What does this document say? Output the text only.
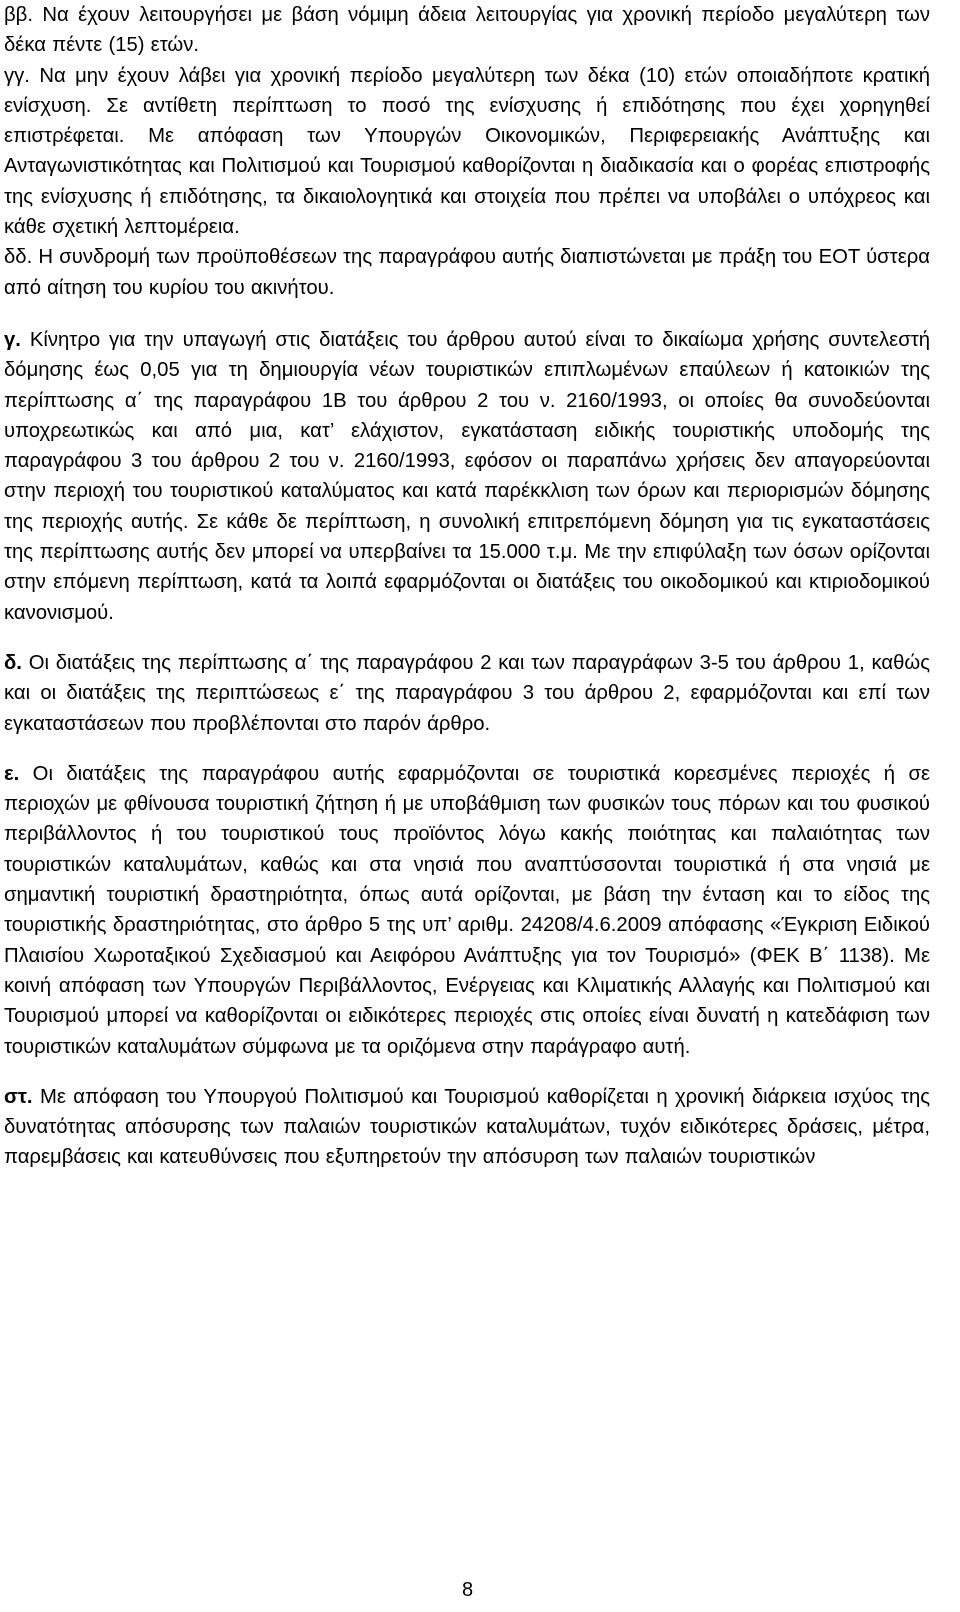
ββ. Να έχουν λειτουργήσει με βάση νόμιμη άδεια λειτουργίας για χρονική περίοδο μεγαλύτερη των δέκα πέντε (15) ετών.

γγ. Να μην έχουν λάβει για χρονική περίοδο μεγαλύτερη των δέκα (10) ετών οποιαδήποτε κρατική ενίσχυση. Σε αντίθετη περίπτωση το ποσό της ενίσχυσης ή επιδότησης που έχει χορηγηθεί επιστρέφεται. Με απόφαση των Υπουργών Οικονομικών, Περιφερειακής Ανάπτυξης και Ανταγωνιστικότητας και Πολιτισμού και Τουρισμού καθορίζονται η διαδικασία και ο φορέας επιστροφής της ενίσχυσης ή επιδότησης, τα δικαιολογητικά και στοιχεία που πρέπει να υποβάλει ο υπόχρεος και κάθε σχετική λεπτομέρεια.

δδ. Η συνδρομή των προϋποθέσεων της παραγράφου αυτής διαπιστώνεται με πράξη του ΕΟΤ ύστερα από αίτηση του κυρίου του ακινήτου.

γ. Κίνητρο για την υπαγωγή στις διατάξεις του άρθρου αυτού είναι το δικαίωμα χρήσης συντελεστή δόμησης έως 0,05 για τη δημιουργία νέων τουριστικών επιπλωμένων επαύλεων ή κατοικιών της περίπτωσης α΄ της παραγράφου 1Β του άρθρου 2 του ν. 2160/1993, οι οποίες θα συνοδεύονται υποχρεωτικώς και από μια, κατ’ ελάχιστον, εγκατάσταση ειδικής τουριστικής υποδομής της παραγράφου 3 του άρθρου 2 του ν. 2160/1993, εφόσον οι παραπάνω χρήσεις δεν απαγορεύονται στην περιοχή του τουριστικού καταλύματος και κατά παρέκκλιση των όρων και περιορισμών δόμησης της περιοχής αυτής. Σε κάθε δε περίπτωση, η συνολική επιτρεπόμενη δόμηση για τις εγκαταστάσεις της περίπτωσης αυτής δεν μπορεί να υπερβαίνει τα 15.000 τ.μ. Με την επιφύλαξη των όσων ορίζονται στην επόμενη περίπτωση, κατά τα λοιπά εφαρμόζονται οι διατάξεις του οικοδομικού και κτιριοδομικού κανονισμού.

δ. Οι διατάξεις της περίπτωσης α΄ της παραγράφου 2 και των παραγράφων 3-5 του άρθρου 1, καθώς και οι διατάξεις της περιπτώσεως ε΄ της παραγράφου 3 του άρθρου 2, εφαρμόζονται και επί των εγκαταστάσεων που προβλέπονται στο παρόν άρθρο.

ε. Οι διατάξεις της παραγράφου αυτής εφαρμόζονται σε τουριστικά κορεσμένες περιοχές ή σε περιοχών με φθίνουσα τουριστική ζήτηση ή με υποβάθμιση των φυσικών τους πόρων και του φυσικού περιβάλλοντος ή του τουριστικού τους προϊόντος λόγω κακής ποιότητας και παλαιότητας των τουριστικών καταλυμάτων, καθώς και στα νησιά που αναπτύσσονται τουριστικά ή στα νησιά με σημαντική τουριστική δραστηριότητα, όπως αυτά ορίζονται, με βάση την ένταση και το είδος της τουριστικής δραστηριότητας, στο άρθρο 5 της υπ’ αριθμ. 24208/4.6.2009 απόφασης «Έγκριση Ειδικού Πλαισίου Χωροταξικού Σχεδιασμού και Αειφόρου Ανάπτυξης για τον Τουρισμό» (ΦΕΚ Β΄ 1138). Με κοινή απόφαση των Υπουργών Περιβάλλοντος, Ενέργειας και Κλιματικής Αλλαγής και Πολιτισμού και Τουρισμού μπορεί να καθορίζονται οι ειδικότερες περιοχές στις οποίες είναι δυνατή η κατεδάφιση των τουριστικών καταλυμάτων σύμφωνα με τα οριζόμενα στην παράγραφο αυτή.

στ. Με απόφαση του Υπουργού Πολιτισμού και Τουρισμού καθορίζεται η χρονική διάρκεια ισχύος της δυνατότητας απόσυρσης των παλαιών τουριστικών καταλυμάτων, τυχόν ειδικότερες δράσεις, μέτρα, παρεμβάσεις και κατευθύνσεις που εξυπηρετούν την απόσυρση των παλαιών τουριστικών

8
